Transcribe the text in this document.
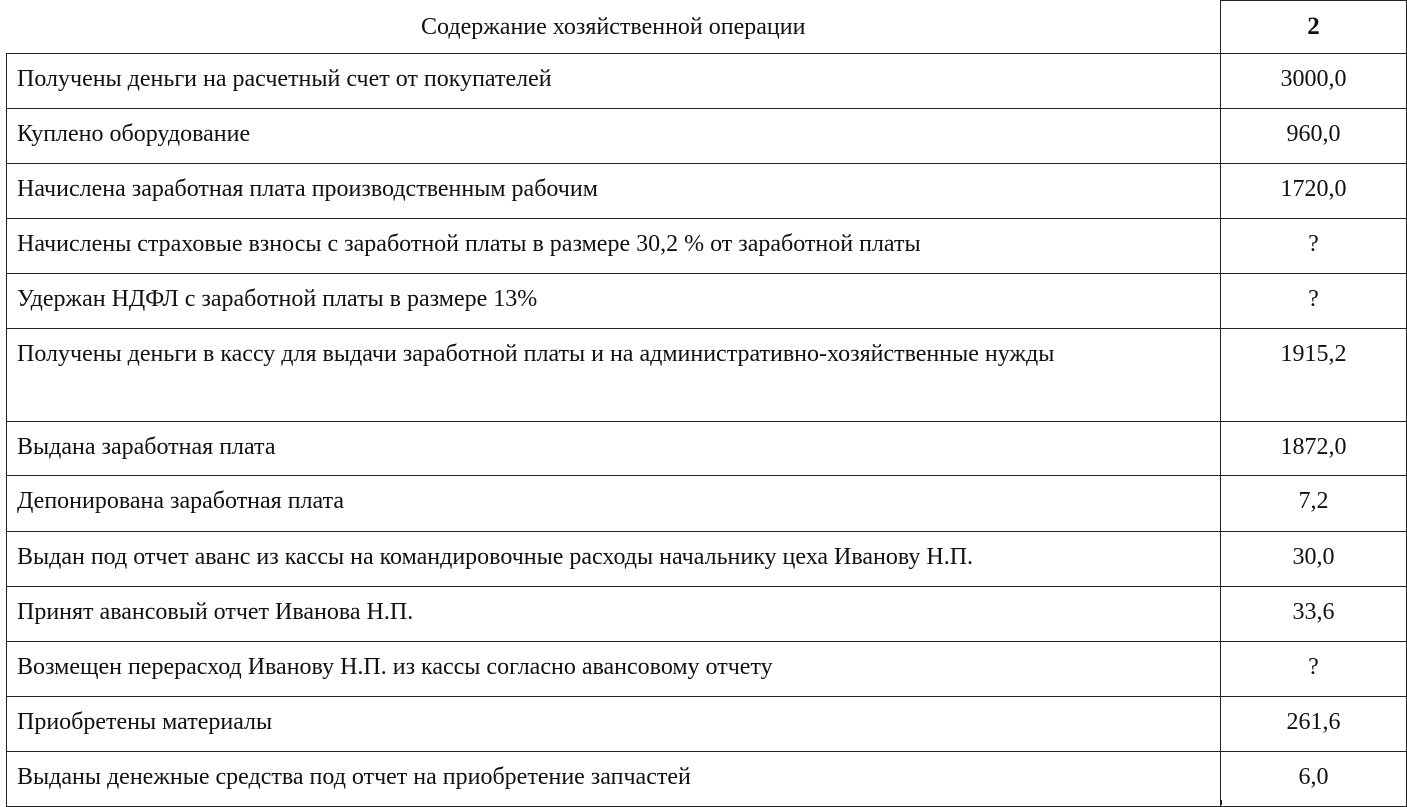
Содержание хозяйственной операции	2
Получены деньги на расчетный счет от покупателей	3000,0
Куплено оборудование	960,0
Начислена заработная плата производственным рабочим	1720,0
Начислены страховые взносы с заработной платы в размере 30,2 % от заработной платы	?
Удержан НДФЛ с заработной платы в размере 13%	?
Получены деньги в кассу для выдачи заработной платы и на административно-хозяйственные нужды	1915,2
Выдана заработная плата	1872,0
Депонирована заработная плата	7,2
Выдан под отчет аванс из кассы на командировочные расходы начальнику цеха Иванову Н.П.	30,0
Принят авансовый отчет Иванова Н.П.	33,6
Возмещен перерасход Иванову Н.П. из кассы согласно авансовому отчету	?
Приобретены материалы	261,6
Выданы денежные средства под отчет на приобретение запчастей	6,0
